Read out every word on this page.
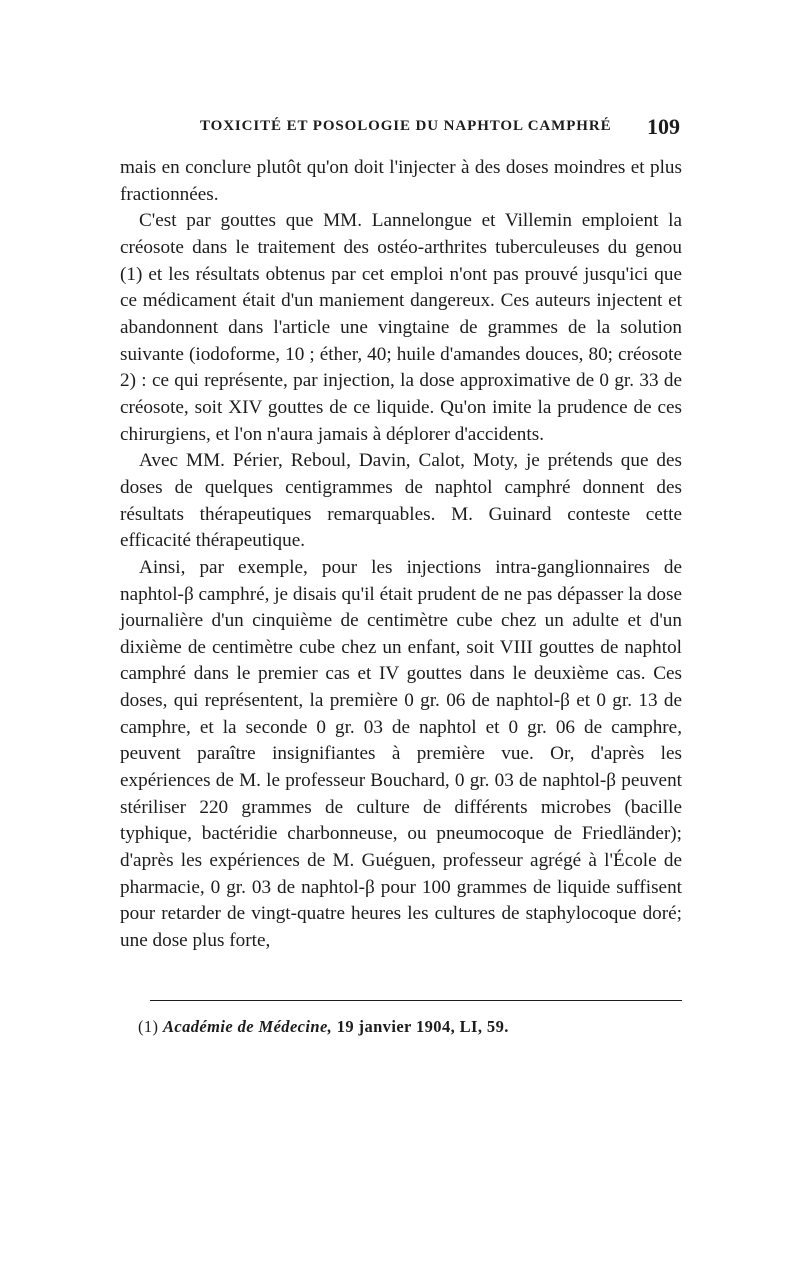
TOXICITÉ ET POSOLOGIE DU NAPHTOL CAMPHRÉ 109

mais en conclure plutôt qu'on doit l'injecter à des doses moindres et plus fractionnées.

C'est par gouttes que MM. Lannelongue et Villemin emploient la créosote dans le traitement des ostéo-arthrites tuberculeuses du genou (1) et les résultats obtenus par cet emploi n'ont pas prouvé jusqu'ici que ce médicament était d'un maniement dangereux. Ces auteurs injectent et abandonnent dans l'article une vingtaine de grammes de la solution suivante (iodoforme, 10 ; éther, 40; huile d'amandes douces, 80; créosote 2) : ce qui représente, par injection, la dose approximative de 0 gr. 33 de créosote, soit XIV gouttes de ce liquide. Qu'on imite la prudence de ces chirurgiens, et l'on n'aura jamais à déplorer d'accidents.

Avec MM. Périer, Reboul, Davin, Calot, Moty, je prétends que des doses de quelques centigrammes de naphtol camphré donnent des résultats thérapeutiques remarquables. M. Guinard conteste cette efficacité thérapeutique.

Ainsi, par exemple, pour les injections intra-ganglionnaires de naphtol-β camphré, je disais qu'il était prudent de ne pas dépasser la dose journalière d'un cinquième de centimètre cube chez un adulte et d'un dixième de centimètre cube chez un enfant, soit VIII gouttes de naphtol camphré dans le premier cas et IV gouttes dans le deuxième cas. Ces doses, qui représentent, la première 0 gr. 06 de naphtol-β et 0 gr. 13 de camphre, et la seconde 0 gr. 03 de naphtol et 0 gr. 06 de camphre, peuvent paraître insignifiantes à première vue. Or, d'après les expériences de M. le professeur Bouchard, 0 gr. 03 de naphtol-β peuvent stériliser 220 grammes de culture de différents microbes (bacille typhique, bactéridie charbonneuse, ou pneumocoque de Friedländer); d'après les expériences de M. Guéguen, professeur agrégé à l'École de pharmacie, 0 gr. 03 de naphtol-β pour 100 grammes de liquide suffisent pour retarder de vingt-quatre heures les cultures de staphylocoque doré; une dose plus forte,

(1) Académie de Médecine, 19 janvier 1904, LI, 59.
